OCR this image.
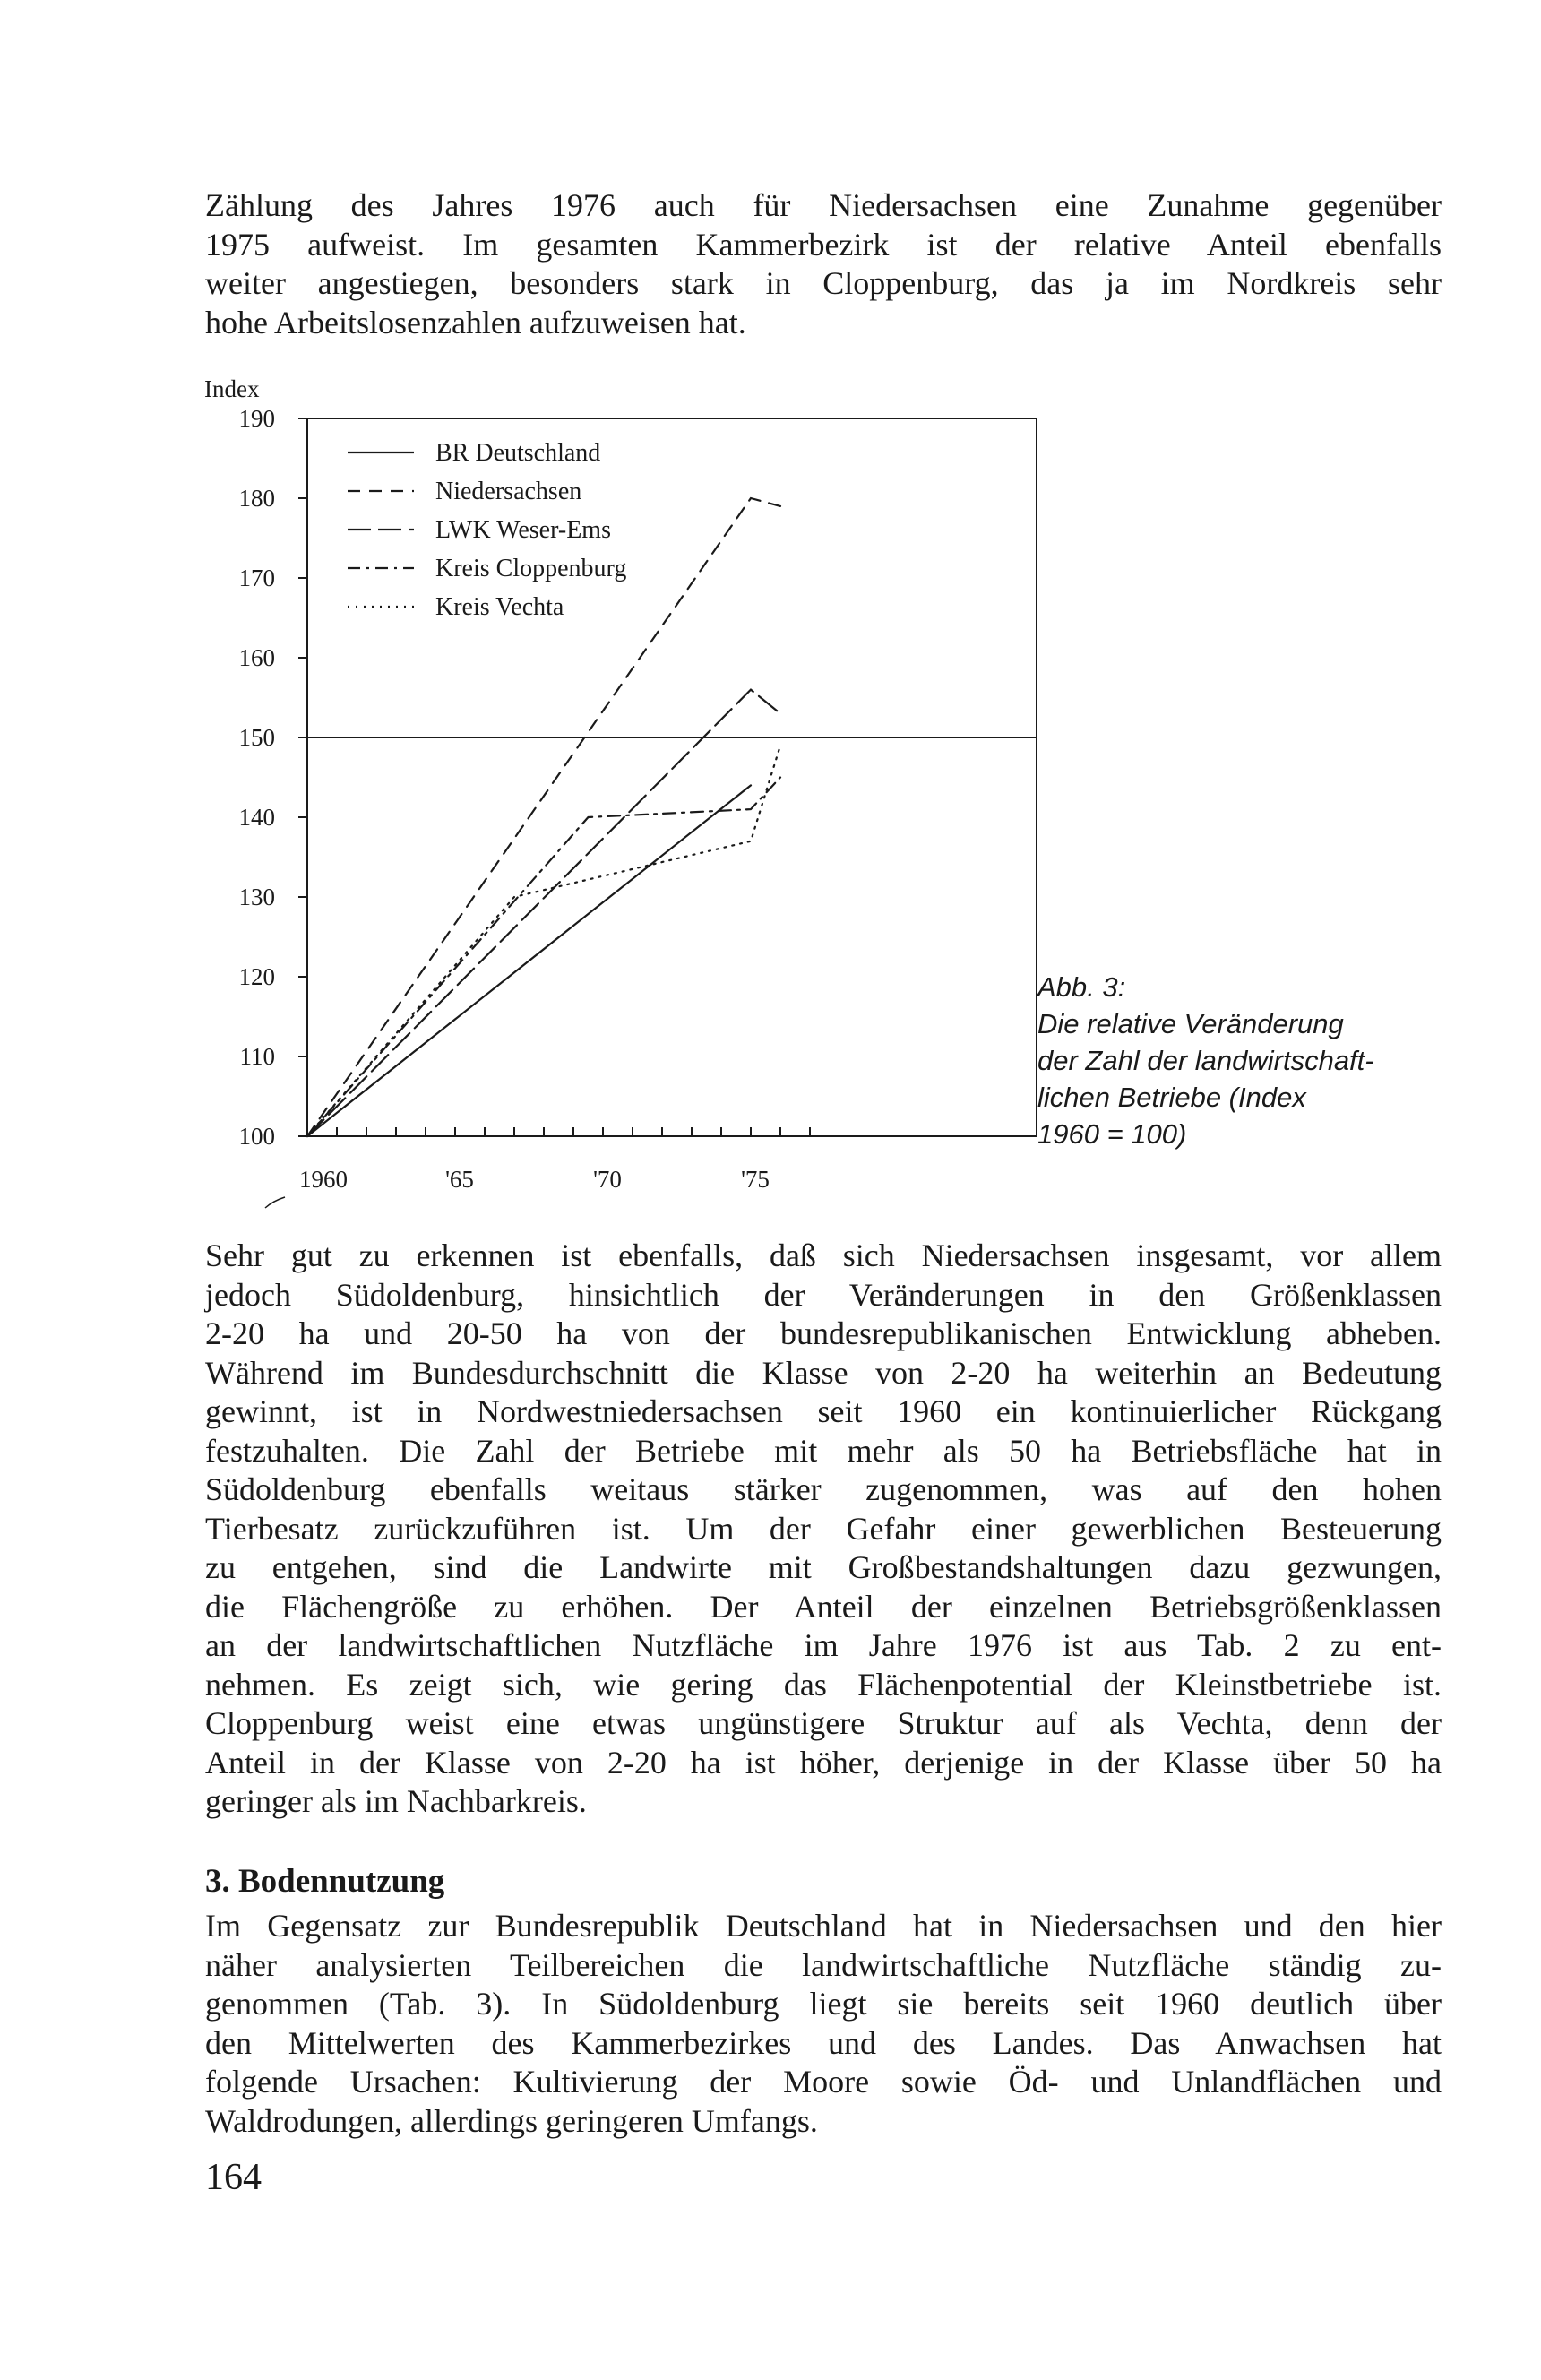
Zählung des Jahres 1976 auch für Niedersachsen eine Zunahme gegenüber
1975 aufweist. Im gesamten Kammerbezirk ist der relative Anteil ebenfalls
weiter angestiegen, besonders stark in Cloppenburg, das ja im Nordkreis sehr
hohe Arbeitslosenzahlen aufzuweisen hat.
Index
100
110
120
130
140
150
160
170
180
190
1960	'65	'70	'75
BR Deutschland
Niedersachsen
LWK Weser-Ems
Kreis Cloppenburg
Kreis Vechta
Abb. 3:
Die relative Veränderung
der Zahl der landwirtschaft-
lichen Betriebe (Index
1960 = 100)
Sehr gut zu erkennen ist ebenfalls, daß sich Niedersachsen insgesamt, vor allem
jedoch Südoldenburg, hinsichtlich der Veränderungen in den Größenklassen
2-20 ha und 20-50 ha von der bundesrepublikanischen Entwicklung abheben.
Während im Bundesdurchschnitt die Klasse von 2-20 ha weiterhin an Bedeutung
gewinnt, ist in Nordwestniedersachsen seit 1960 ein kontinuierlicher Rückgang
festzuhalten. Die Zahl der Betriebe mit mehr als 50 ha Betriebsfläche hat in
Südoldenburg ebenfalls weitaus stärker zugenommen, was auf den hohen
Tierbesatz zurückzuführen ist. Um der Gefahr einer gewerblichen Besteuerung
zu entgehen, sind die Landwirte mit Großbestandshaltungen dazu gezwungen,
die Flächengröße zu erhöhen. Der Anteil der einzelnen Betriebsgrößenklassen
an der landwirtschaftlichen Nutzfläche im Jahre 1976 ist aus Tab. 2 zu ent-
nehmen. Es zeigt sich, wie gering das Flächenpotential der Kleinstbetriebe ist.
Cloppenburg weist eine etwas ungünstigere Struktur auf als Vechta, denn der
Anteil in der Klasse von 2-20 ha ist höher, derjenige in der Klasse über 50 ha
geringer als im Nachbarkreis.
3. Bodennutzung
Im Gegensatz zur Bundesrepublik Deutschland hat in Niedersachsen und den hier
näher analysierten Teilbereichen die landwirtschaftliche Nutzfläche ständig zu-
genommen (Tab. 3). In Südoldenburg liegt sie bereits seit 1960 deutlich über
den Mittelwerten des Kammerbezirkes und des Landes. Das Anwachsen hat
folgende Ursachen: Kultivierung der Moore sowie Öd- und Unlandflächen und
Waldrodungen, allerdings geringeren Umfangs.
164
